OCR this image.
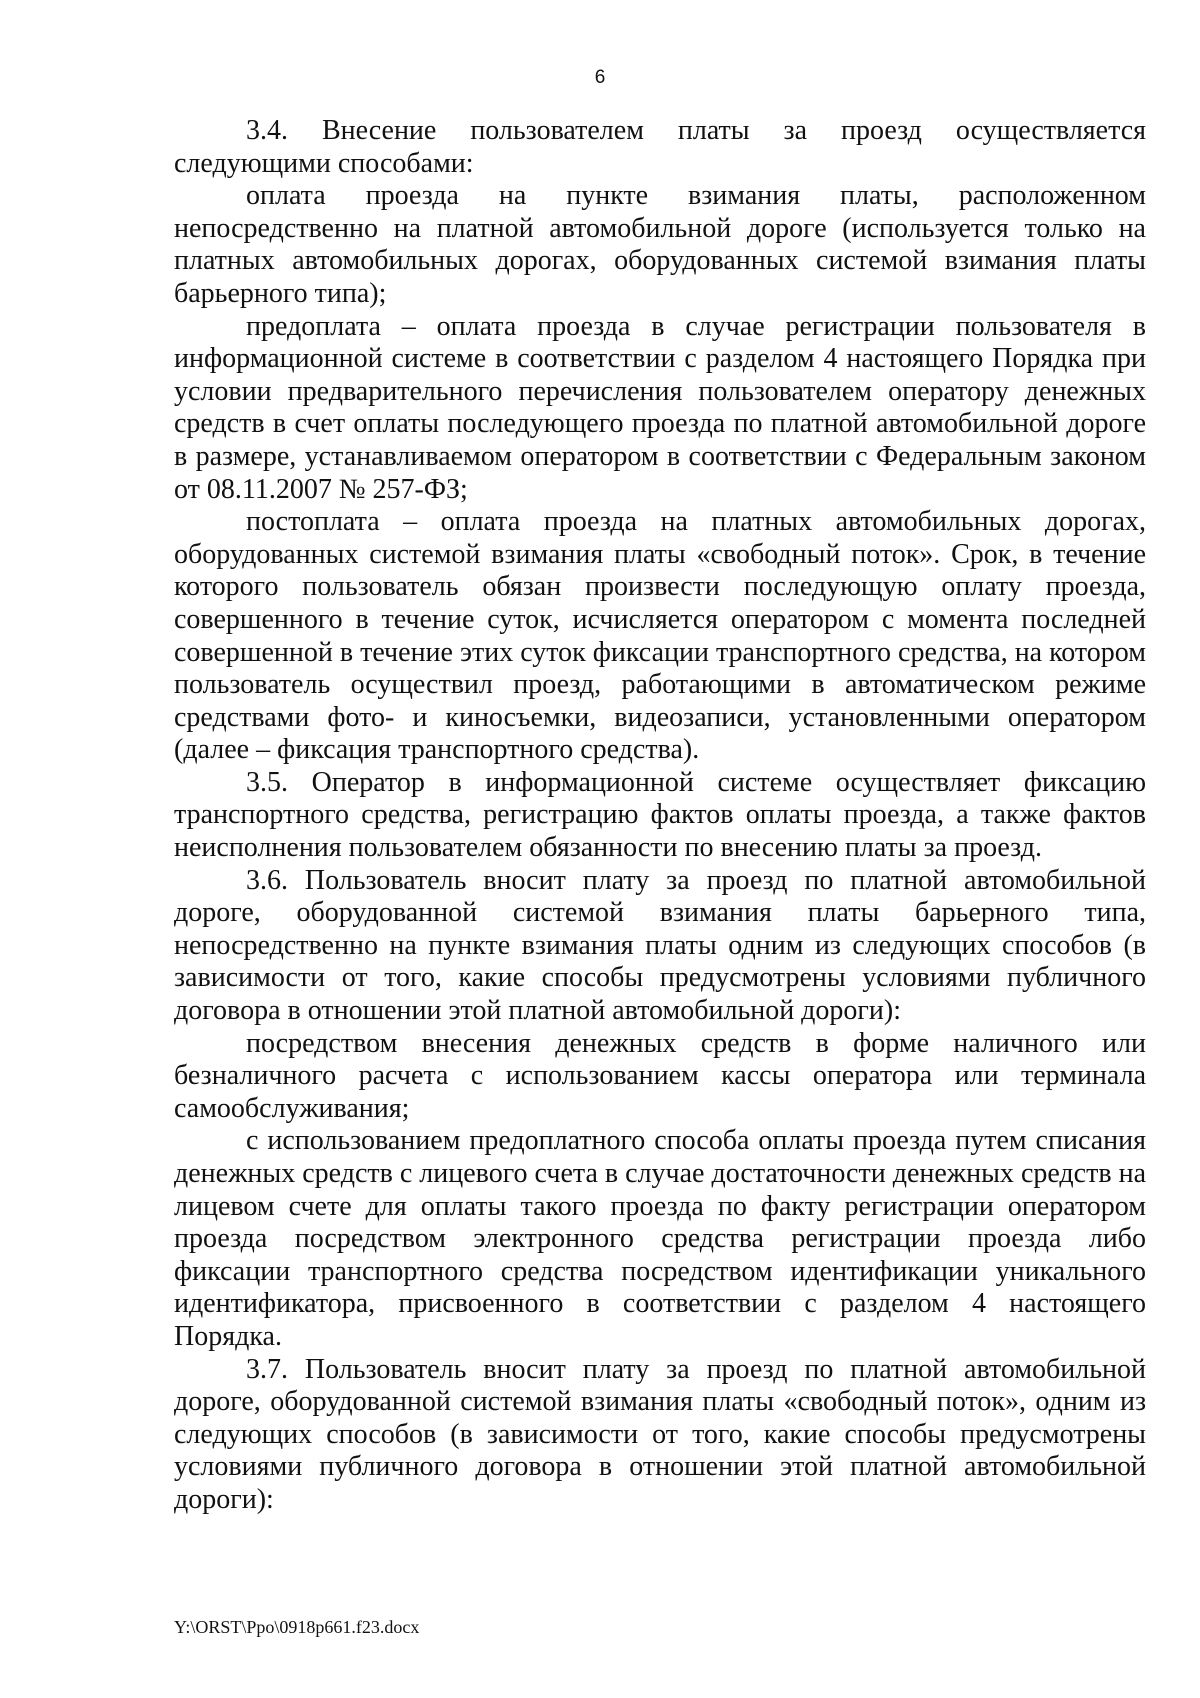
6

3.4. Внесение пользователем платы за проезд осуществляется следующими способами:

оплата проезда на пункте взимания платы, расположенном непосредственно на платной автомобильной дороге (используется только на платных автомобильных дорогах, оборудованных системой взимания платы барьерного типа);

предоплата – оплата проезда в случае регистрации пользователя в информационной системе в соответствии с разделом 4 настоящего Порядка при условии предварительного перечисления пользователем оператору денежных средств в счет оплаты последующего проезда по платной автомобильной дороге в размере, устанавливаемом оператором в соответствии с Федеральным законом от 08.11.2007 № 257-ФЗ;

постоплата – оплата проезда на платных автомобильных дорогах, оборудованных системой взимания платы «свободный поток». Срок, в течение которого пользователь обязан произвести последующую оплату проезда, совершенного в течение суток, исчисляется оператором с момента последней совершенной в течение этих суток фиксации транспортного средства, на котором пользователь осуществил проезд, работающими в автоматическом режиме средствами фото- и киносъемки, видеозаписи, установленными оператором (далее – фиксация транспортного средства).

3.5. Оператор в информационной системе осуществляет фиксацию транспортного средства, регистрацию фактов оплаты проезда, а также фактов неисполнения пользователем обязанности по внесению платы за проезд.

3.6. Пользователь вносит плату за проезд по платной автомобильной дороге, оборудованной системой взимания платы барьерного типа, непосредственно на пункте взимания платы одним из следующих способов (в зависимости от того, какие способы предусмотрены условиями публичного договора в отношении этой платной автомобильной дороги):

посредством внесения денежных средств в форме наличного или безналичного расчета с использованием кассы оператора или терминала самообслуживания;

с использованием предоплатного способа оплаты проезда путем списания денежных средств с лицевого счета в случае достаточности денежных средств на лицевом счете для оплаты такого проезда по факту регистрации оператором проезда посредством электронного средства регистрации проезда либо фиксации транспортного средства посредством идентификации уникального идентификатора, присвоенного в соответствии с разделом 4 настоящего Порядка.

3.7. Пользователь вносит плату за проезд по платной автомобильной дороге, оборудованной системой взимания платы «свободный поток», одним из следующих способов (в зависимости от того, какие способы предусмотрены условиями публичного договора в отношении этой платной автомобильной дороги):

Y:\ORST\Ppo\0918p661.f23.docx
